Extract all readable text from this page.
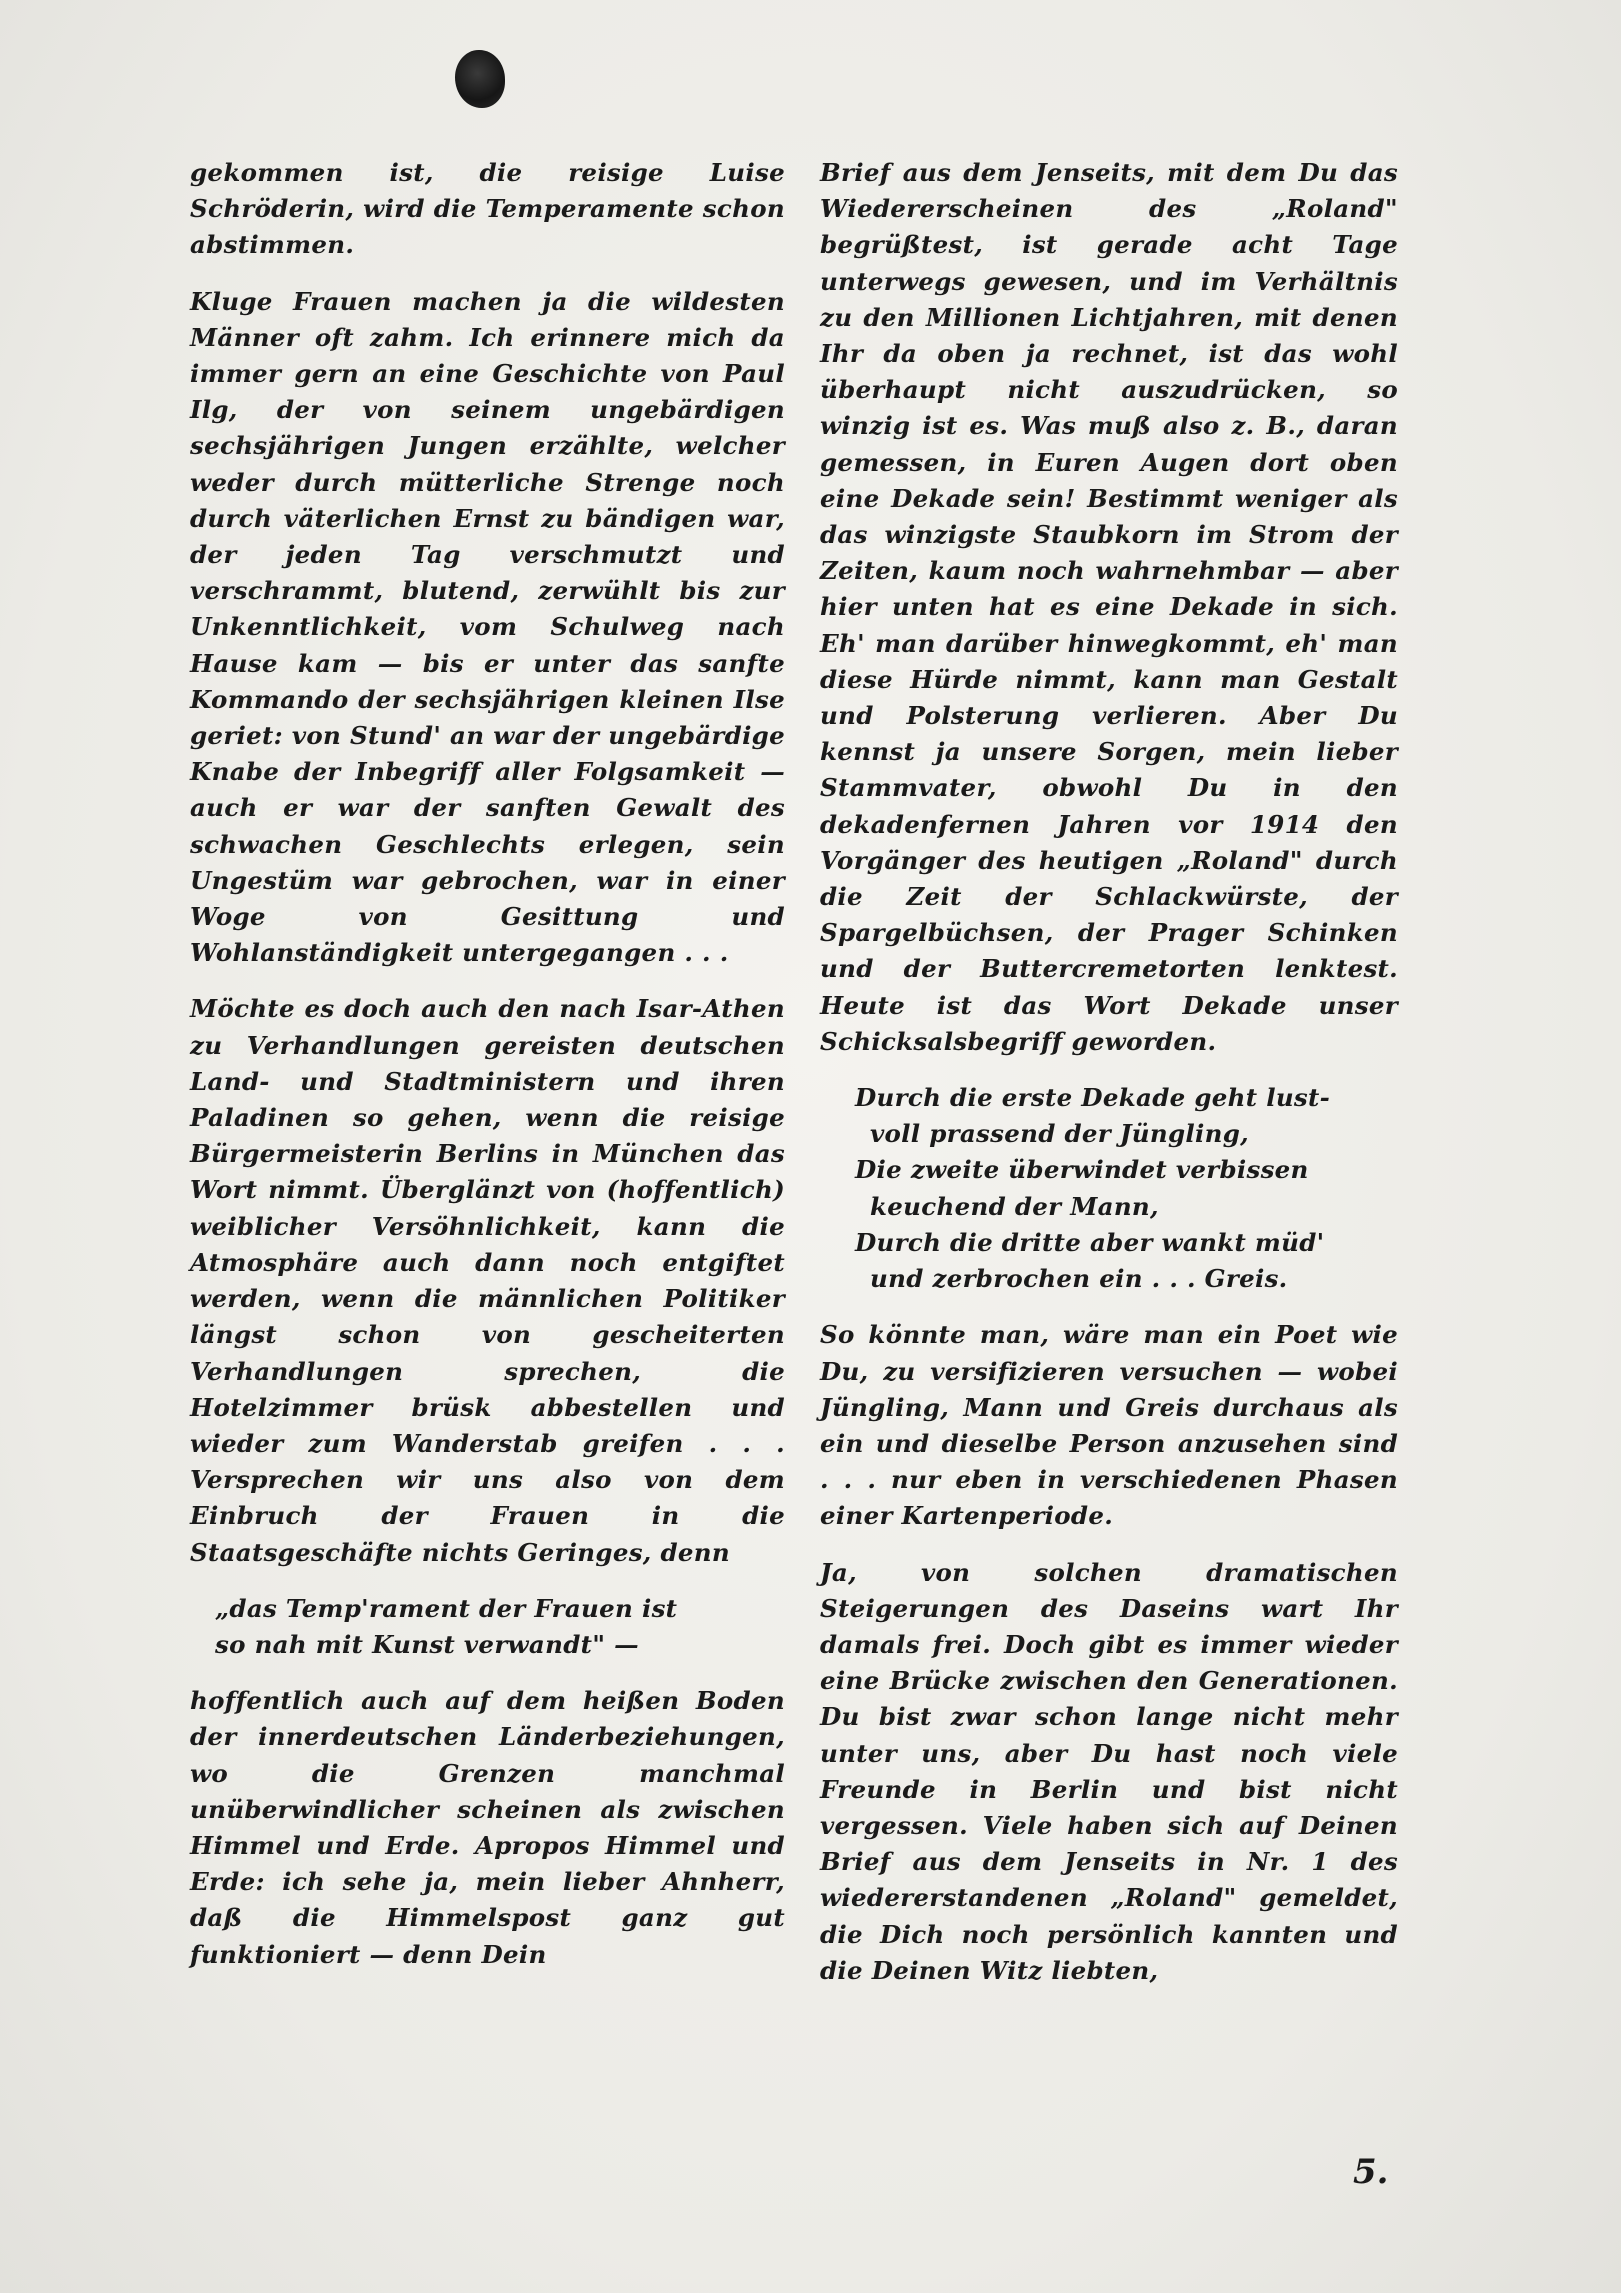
gekommen ist, die reisige Luise Schröderin, wird die Temperamente schon abstimmen.

Kluge Frauen machen ja die wildesten Männer oft zahm. Ich erinnere mich da immer gern an eine Geschichte von Paul Ilg, der von seinem ungebärdigen sechsjährigen Jungen erzählte, welcher weder durch mütterliche Strenge noch durch väterlichen Ernst zu bändigen war, der jeden Tag verschmutzt und verschrammt, blutend, zerwühlt bis zur Unkenntlichkeit, vom Schulweg nach Hause kam — bis er unter das sanfte Kommando der sechsjährigen kleinen Ilse geriet: von Stund' an war der ungebärdige Knabe der Inbegriff aller Folgsamkeit — auch er war der sanften Gewalt des schwachen Geschlechts erlegen, sein Ungestüm war gebrochen, war in einer Woge von Gesittung und Wohlanständigkeit untergegangen . . .

Möchte es doch auch den nach Isar-Athen zu Verhandlungen gereisten deutschen Land- und Stadtministern und ihren Paladinen so gehen, wenn die reisige Bürgermeisterin Berlins in München das Wort nimmt. Überglänzt von (hoffentlich) weiblicher Versöhnlichkeit, kann die Atmosphäre auch dann noch entgiftet werden, wenn die männlichen Politiker längst schon von gescheiterten Verhandlungen sprechen, die Hotelzimmer brüsk abbestellen und wieder zum Wanderstab greifen . . . Versprechen wir uns also von dem Einbruch der Frauen in die Staatsgeschäfte nichts Geringes, denn

„das Temp'rament der Frauen ist
so nah mit Kunst verwandt" —

hoffentlich auch auf dem heißen Boden der innerdeutschen Länderbeziehungen, wo die Grenzen manchmal unüberwindlicher scheinen als zwischen Himmel und Erde. Apropos Himmel und Erde: ich sehe ja, mein lieber Ahnherr, daß die Himmelspost ganz gut funktioniert — denn Dein

Brief aus dem Jenseits, mit dem Du das Wiedererscheinen des „Roland" begrüßtest, ist gerade acht Tage unterwegs gewesen, und im Verhältnis zu den Millionen Lichtjahren, mit denen Ihr da oben ja rechnet, ist das wohl überhaupt nicht auszudrücken, so winzig ist es. Was muß also z. B., daran gemessen, in Euren Augen dort oben eine Dekade sein! Bestimmt weniger als das winzigste Staubkorn im Strom der Zeiten, kaum noch wahrnehmbar — aber hier unten hat es eine Dekade in sich. Eh' man darüber hinwegkommt, eh' man diese Hürde nimmt, kann man Gestalt und Polsterung verlieren. Aber Du kennst ja unsere Sorgen, mein lieber Stammvater, obwohl Du in den dekadenfernen Jahren vor 1914 den Vorgänger des heutigen „Roland" durch die Zeit der Schlackwürste, der Spargelbüchsen, der Prager Schinken und der Buttercremetorten lenktest. Heute ist das Wort Dekade unser Schicksalsbegriff geworden.

Durch die erste Dekade geht lust-
voll prassend der Jüngling,
Die zweite überwindet verbissen
keuchend der Mann,
Durch die dritte aber wankt müd'
und zerbrochen ein . . . Greis.

So könnte man, wäre man ein Poet wie Du, zu versifizieren versuchen — wobei Jüngling, Mann und Greis durchaus als ein und dieselbe Person anzusehen sind . . . nur eben in verschiedenen Phasen einer Kartenperiode.

Ja, von solchen dramatischen Steigerungen des Daseins wart Ihr damals frei. Doch gibt es immer wieder eine Brücke zwischen den Generationen. Du bist zwar schon lange nicht mehr unter uns, aber Du hast noch viele Freunde in Berlin und bist nicht vergessen. Viele haben sich auf Deinen Brief aus dem Jenseits in Nr. 1 des wiedererstandenen „Roland" gemeldet, die Dich noch persönlich kannten und die Deinen Witz liebten,

5.
